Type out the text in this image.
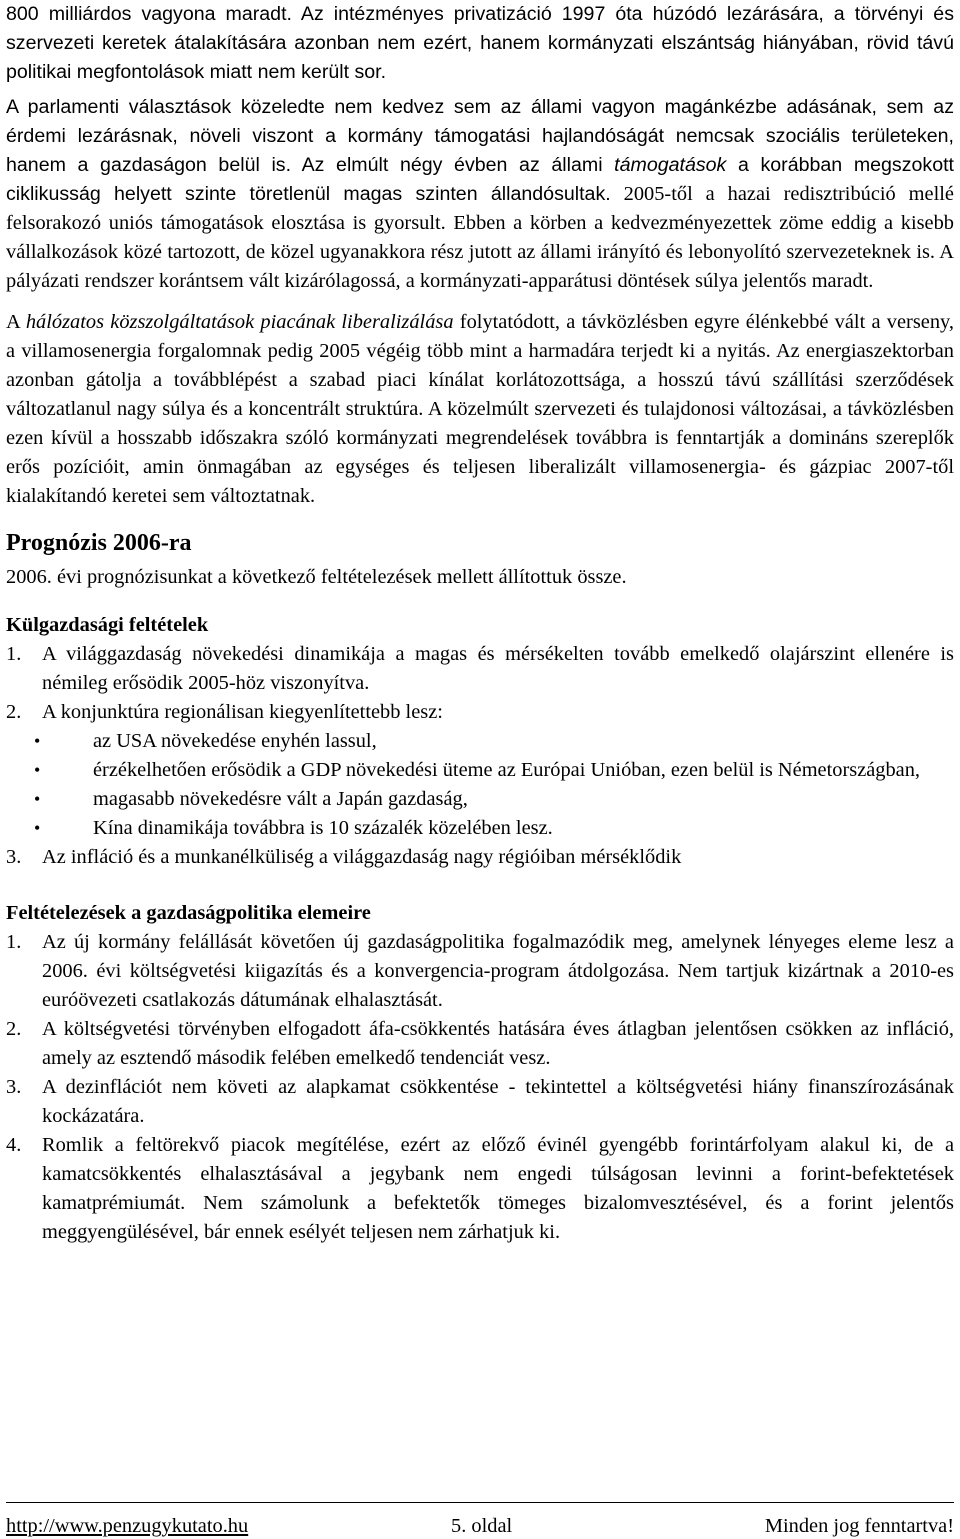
800 milliárdos vagyona maradt. Az intézményes privatizáció 1997 óta húzódó lezárására, a törvényi és szervezeti keretek átalakítására azonban nem ezért, hanem kormányzati elszántság hiányában, rövid távú politikai megfontolások miatt nem került sor.

A parlamenti választások közeledte nem kedvez sem az állami vagyon magánkézbe adásának, sem az érdemi lezárásnak, növeli viszont a kormány támogatási hajlandóságát nemcsak szociális területeken, hanem a gazdaságon belül is. Az elmúlt négy évben az állami támogatások a korábban megszokott ciklikusság helyett szinte töretlenül magas szinten állandósultak. 2005-től a hazai redisztribúció mellé felsorakozó uniós támogatások elosztása is gyorsult. Ebben a körben a kedvezményezettek zöme eddig a kisebb vállalkozások közé tartozott, de közel ugyanakkora rész jutott az állami irányító és lebonyolító szervezeteknek is. A pályázati rendszer korántsem vált kizárólagossá, a kormányzati-apparátusi döntések súlya jelentős maradt.

A hálózatos közszolgáltatások piacának liberalizálása folytatódott, a távközlésben egyre élénkebbé vált a verseny, a villamosenergia forgalomnak pedig 2005 végéig több mint a harmadára terjedt ki a nyitás. Az energiaszektorban azonban gátolja a továbblépést a szabad piaci kínálat korlátozottsága, a hosszú távú szállítási szerződések változatlanul nagy súlya és a koncentrált struktúra. A közelmúlt szervezeti és tulajdonosi változásai, a távközlésben ezen kívül a hosszabb időszakra szóló kormányzati megrendelések továbbra is fenntartják a domináns szereplők erős pozícióit, amin önmagában az egységes és teljesen liberalizált villamosenergia- és gázpiac 2007-től kialakítandó keretei sem változtatnak.

Prognózis 2006-ra

2006. évi prognózisunkat a következő feltételezések mellett állítottuk össze.

Külgazdasági feltételek
1. A világgazdaság növekedési dinamikája a magas és mérsékelten tovább emelkedő olajárszint ellenére is némileg erősödik 2005-höz viszonyítva.
2. A konjunktúra regionálisan kiegyenlítettebb lesz:
•	az USA növekedése enyhén lassul,
•	érzékelhetően erősödik a GDP növekedési üteme az Európai Unióban, ezen belül is Németországban,
•	magasabb növekedésre vált a Japán gazdaság,
•	Kína dinamikája továbbra is 10 százalék közelében lesz.
3. Az infláció és a munkanélküliség a világgazdaság nagy régióiban mérséklődik
Feltételezések a gazdaságpolitika elemeire
1. Az új kormány felállását követően új gazdaságpolitika fogalmazódik meg, amelynek lényeges eleme lesz a 2006. évi költségvetési kiigazítás és a konvergencia-program átdolgozása. Nem tartjuk kizártnak a 2010-es euróövezeti csatlakozás dátumának elhalasztását.
2. A költségvetési törvényben elfogadott áfa-csökkentés hatására éves átlagban jelentősen csökken az infláció, amely az esztendő második felében emelkedő tendenciát vesz.
3. A dezinflációt nem követi az alapkamat csökkentése - tekintettel a költségvetési hiány finanszírozásának kockázatára.
4. Romlik a feltörekvő piacok megítélése, ezért az előző évinél gyengébb forintárfolyam alakul ki, de a kamatcsökkentés elhalasztásával a jegybank nem engedi túlságosan levinni a forint-befektetések kamatprémiumát. Nem számolunk a befektetők tömeges bizalomvesztésével, és a forint jelentős meggyengülésével, bár ennek esélyét teljesen nem zárhatjuk ki.
http://www.penzugykutato.hu	5. oldal	Minden jog fenntartva!
